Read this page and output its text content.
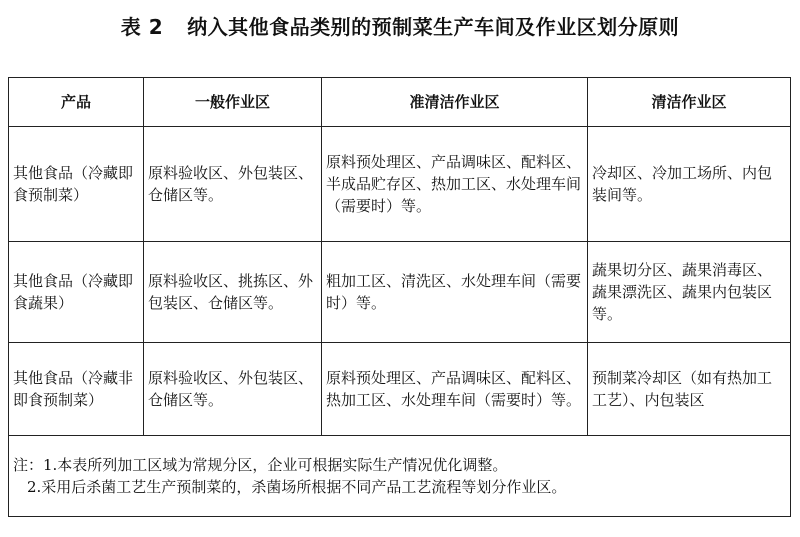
表 2 纳入其他食品类别的预制菜生产车间及作业区划分原则
产品	一般作业区	准清洁作业区	清洁作业区
其他食品（冷藏即食预制菜）	原料验收区、外包装区、仓储区等。	原料预处理区、产品调味区、配料区、半成品贮存区、热加工区、水处理车间（需要时）等。	冷却区、冷加工场所、内包装间等。
其他食品（冷藏即食蔬果）	原料验收区、挑拣区、外包装区、仓储区等。	粗加工区、清洗区、水处理车间（需要时）等。	蔬果切分区、蔬果消毒区、蔬果漂洗区、蔬果内包装区等。
其他食品（冷藏非即食预制菜）	原料验收区、外包装区、仓储区等。	原料预处理区、产品调味区、配料区、热加工区、水处理车间（需要时）等。	预制菜冷却区（如有热加工工艺）、内包装区

注：1.本表所列加工区域为常规分区，企业可根据实际生产情况优化调整。
2.采用后杀菌工艺生产预制菜的，杀菌场所根据不同产品工艺流程等划分作业区。			
